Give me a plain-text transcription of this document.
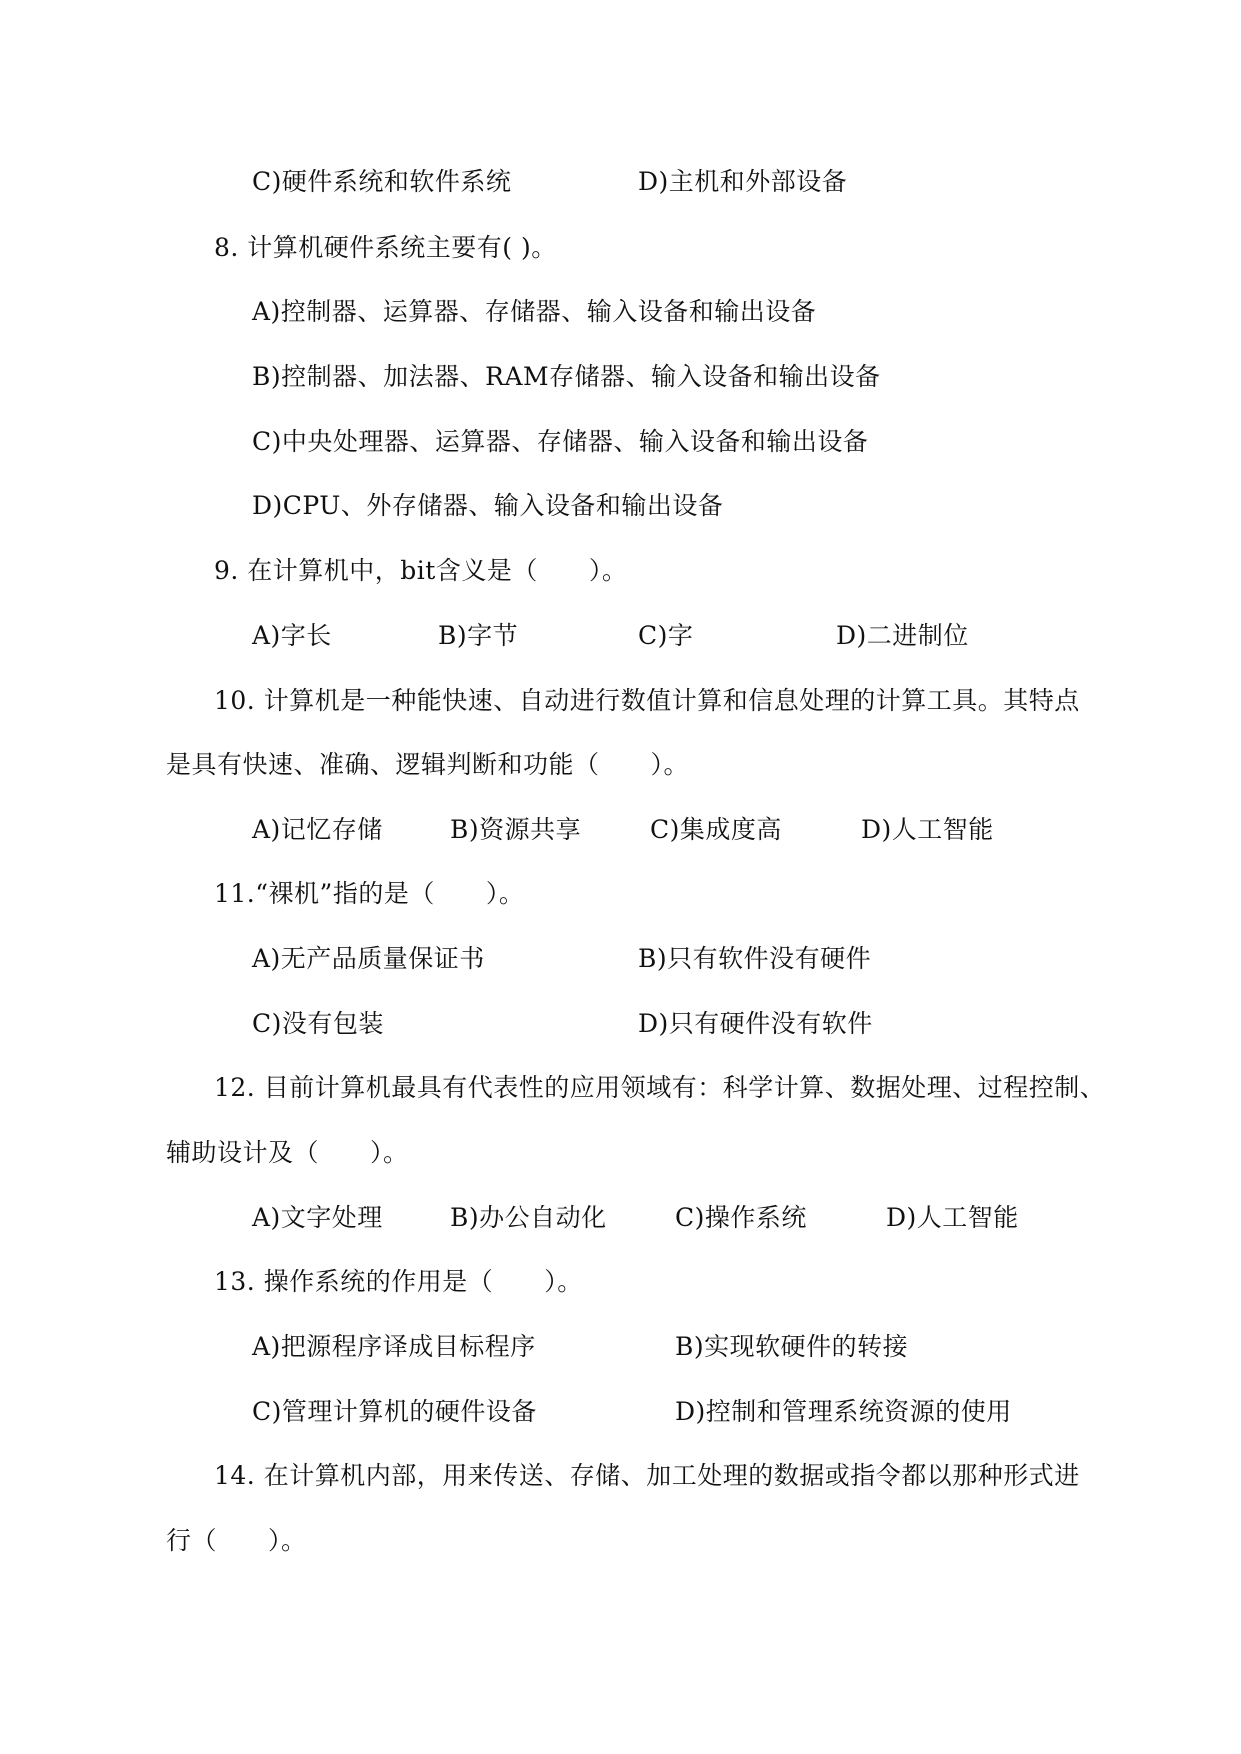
C)硬件系统和软件系统	D)主机和外部设备
8. 计算机硬件系统主要有( )。
A)控制器、运算器、存储器、输入设备和输出设备
B)控制器、加法器、RAM存储器、输入设备和输出设备
C)中央处理器、运算器、存储器、输入设备和输出设备
D)CPU、外存储器、输入设备和输出设备
9. 在计算机中，bit含义是（　　）。
A)字长	B)字节	C)字	D)二进制位
10. 计算机是一种能快速、自动进行数值计算和信息处理的计算工具。其特点
是具有快速、准确、逻辑判断和功能（　　）。
A)记忆存储	B)资源共享	C)集成度高	D)人工智能
11.“裸机”指的是（　　）。
A)无产品质量保证书	B)只有软件没有硬件
C)没有包装	D)只有硬件没有软件
12. 目前计算机最具有代表性的应用领域有：科学计算、数据处理、过程控制、
辅助设计及（　　）。
A)文字处理	B)办公自动化	C)操作系统	D)人工智能
13. 操作系统的作用是（　　）。
A)把源程序译成目标程序	B)实现软硬件的转接
C)管理计算机的硬件设备	D)控制和管理系统资源的使用
14. 在计算机内部，用来传送、存储、加工处理的数据或指令都以那种形式进
行（　　）。
